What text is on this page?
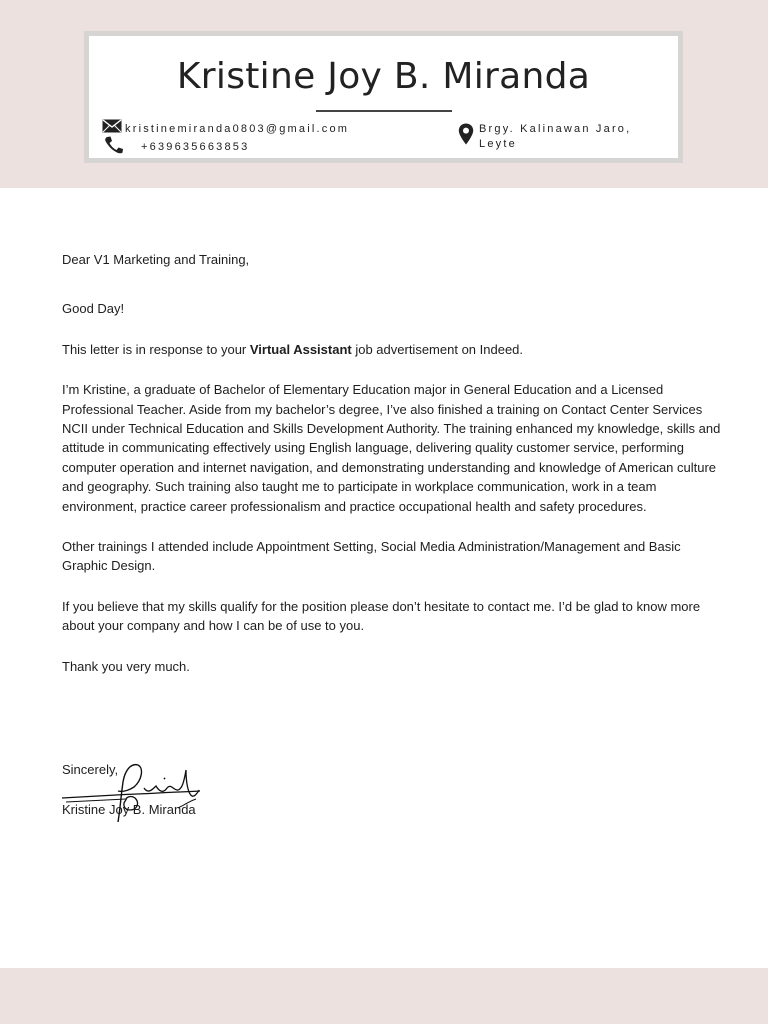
Kristine Joy B. Miranda
kristinemiranda0803@gmail.com
+639635663853
Brgy. Kalinawan Jaro, Leyte

Dear V1 Marketing and Training,

Good Day!

This letter is in response to your Virtual Assistant job advertisement on Indeed.

I’m Kristine, a graduate of Bachelor of Elementary Education major in General Education and a Licensed Professional Teacher. Aside from my bachelor’s degree, I’ve also finished a training on Contact Center Services NCII under Technical Education and Skills Development Authority. The training enhanced my knowledge, skills and attitude in communicating effectively using English language, delivering quality customer service, performing computer operation and internet navigation, and demonstrating understanding and knowledge of American culture and geography. Such training also taught me to participate in workplace communication, work in a team environment, practice career professionalism and practice occupational health and safety procedures.

Other trainings I attended include Appointment Setting, Social Media Administration/Management and Basic Graphic Design.

If you believe that my skills qualify for the position please don’t hesitate to contact me. I’d be glad to know more about your company and how I can be of use to you.

Thank you very much.

Sincerely,
Kristine Joy B. Miranda
